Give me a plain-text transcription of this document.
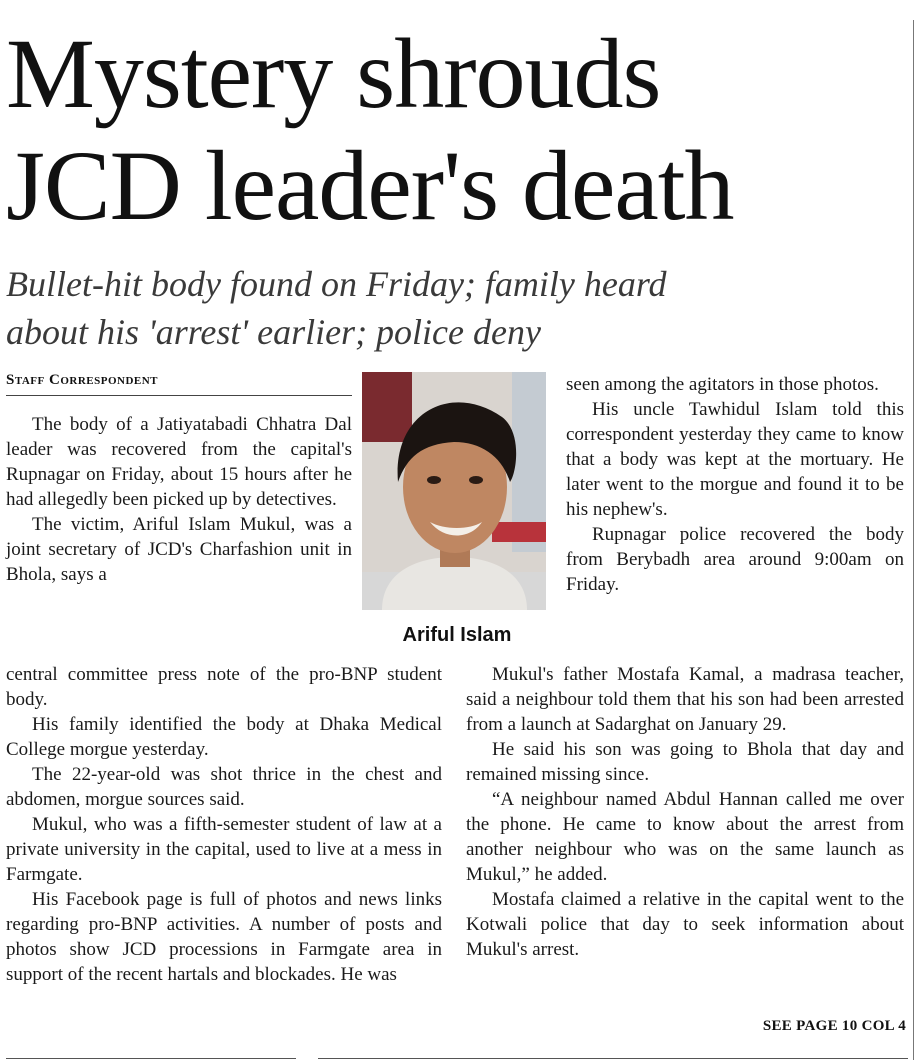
Mystery shrouds
JCD leader's death
Bullet-hit body found on Friday; family heard
about his 'arrest' earlier; police deny
Staff Correspondent

The body of a Jatiyatabadi Chhatra Dal leader was recovered from the capital's Rupnagar on Friday, about 15 hours after he had allegedly been picked up by detectives.

The victim, Ariful Islam Mukul, was a joint secretary of JCD's Charfashion unit in Bhola, says a

Ariful Islam

central committee press note of the pro-BNP student body.

His family identified the body at Dhaka Medical College morgue yesterday.

The 22-year-old was shot thrice in the chest and abdomen, morgue sources said.

Mukul, who was a fifth-semester student of law at a private university in the capital, used to live at a mess in Farmgate.

His Facebook page is full of photos and news links regarding pro-BNP activities. A number of posts and photos show JCD processions in Farmgate area in support of the recent hartals and blockades. He was

seen among the agitators in those photos.

His uncle Tawhidul Islam told this correspondent yesterday they came to know that a body was kept at the mortuary. He later went to the morgue and found it to be his nephew's.

Rupnagar police recovered the body from Berybadh area around 9:00am on Friday.

Mukul's father Mostafa Kamal, a madrasa teacher, said a neighbour told them that his son had been arrested from a launch at Sadarghat on January 29.

He said his son was going to Bhola that day and remained missing since.

“A neighbour named Abdul Hannan called me over the phone. He came to know about the arrest from another neighbour who was on the same launch as Mukul,” he added.

Mostafa claimed a relative in the capital went to the Kotwali police that day to seek information about Mukul's arrest.

SEE PAGE 10 COL 4
